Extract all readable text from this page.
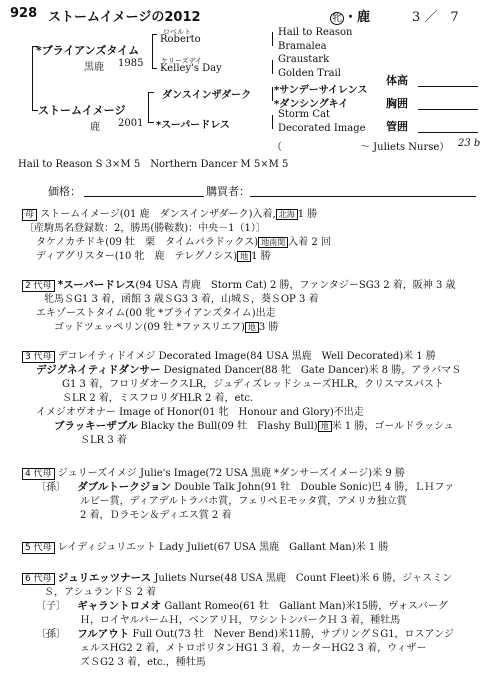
928 ストームイメージの2012	牝 ・鹿	3 ／　7
*ブライアンズタイム
黒鹿 1985
ロベルト
Roberto
ケリーズデイ
Kelley's Day
Hail to Reason
Bramalea
Graustark
Golden Trail
*サンデーサイレンス
*ダンシングキイ
Storm Cat
Decorated Image
ストームイメージ
鹿 2001
ダンスインザダーク
*スーパードレス
（	～ Juliets Nurse） 23 b
体高
胸囲
管囲
Hail to Reason S 3×M 5　Northern Dancer M 5×M 5
価格：	購買者：
母 ストームイメージ(01 鹿　ダンスインザダーク)入着, 北海 1 勝
〔産駒馬名登録数：2，勝馬(勝鞍数)：中央－1（1）〕
タケノカチドキ(09 牡　栗　タイムパラドックス) 地南関 入着 2 回
ディアグリスター(10 牝　鹿　テレグノシス) 地 1 勝
2 代母 *スーパードレス(94 USA 青鹿　Storm Cat) 2 勝，ファンタジーSG3 2 着，阪神 3 歳
牝馬ＳG1 3 着，函館 3 歳ＳG3 3 着，山城Ｓ，葵ＳOP 3 着
エキゾーストタイム(00 牝 *ブライアンズタイム)出走
ゴッドツェッペリン(09 牡 *ファスリエフ) 地 3 勝
3 代母 デコレイティドイメジ Decorated Image(84 USA 黒鹿　Well Decorated)米 1 勝
デジグネイティドダンサー Designated Dancer(88 牝　Gate Dancer)米 8 勝，アラバマＳ
G1 3 着，フロリダオークスLR，ジュディズレッドシューズHLR，クリスマスパスト
ＳLR 2 着，ミスフロリダHLR 2 着，etc.
イメジオヴオナー Image of Honor(01 牝　Honour and Glory)不出走
ブラッキーザブル Blacky the Bull(09 牡　Flashy Bull) 地 米 1 勝，ゴールドラッシュ
ＳLR 3 着
4 代母 ジュリーズイメジ Julie's Image(72 USA 黒鹿 *ダンサーズイメージ)米 9 勝
〔孫〕 ダブルトークジョン Double Talk John(91 牡　Double Sonic)巴 4 勝，ＬＨファ
ルビー賞，ディアデルトラバホ賞，フェリペＥモッタ賞，アメリカ独立賞
2 着，Ｄラモン＆ディエス賞 2 着
5 代母 レイディジュリエット Lady Juliet(67 USA 黒鹿　Gallant Man)米 1 勝
6 代母 ジュリエッツナース Juliets Nurse(48 USA 黒鹿　Count Fleet)米 6 勝，ジャスミン
Ｓ，アシュランドＳ 2 着
〔子〕 ギャラントロメオ Gallant Romeo(61 牡　Gallant Man)米15勝，ヴォスバーグ
Ｈ，ロイヤルパームＨ，ベンアリＨ，ワシントンパークＨ 3 着，種牡馬
〔孫〕 フルアウト Full Out(73 牡　Never Bend)米11勝，サプリングＳG1，ロスアンジ
ェルスHG2 2 着，メトロポリタンHG1 3 着，カーターHG2 3 着，ウィザー
ズＳG2 3 着，etc.，種牡馬
